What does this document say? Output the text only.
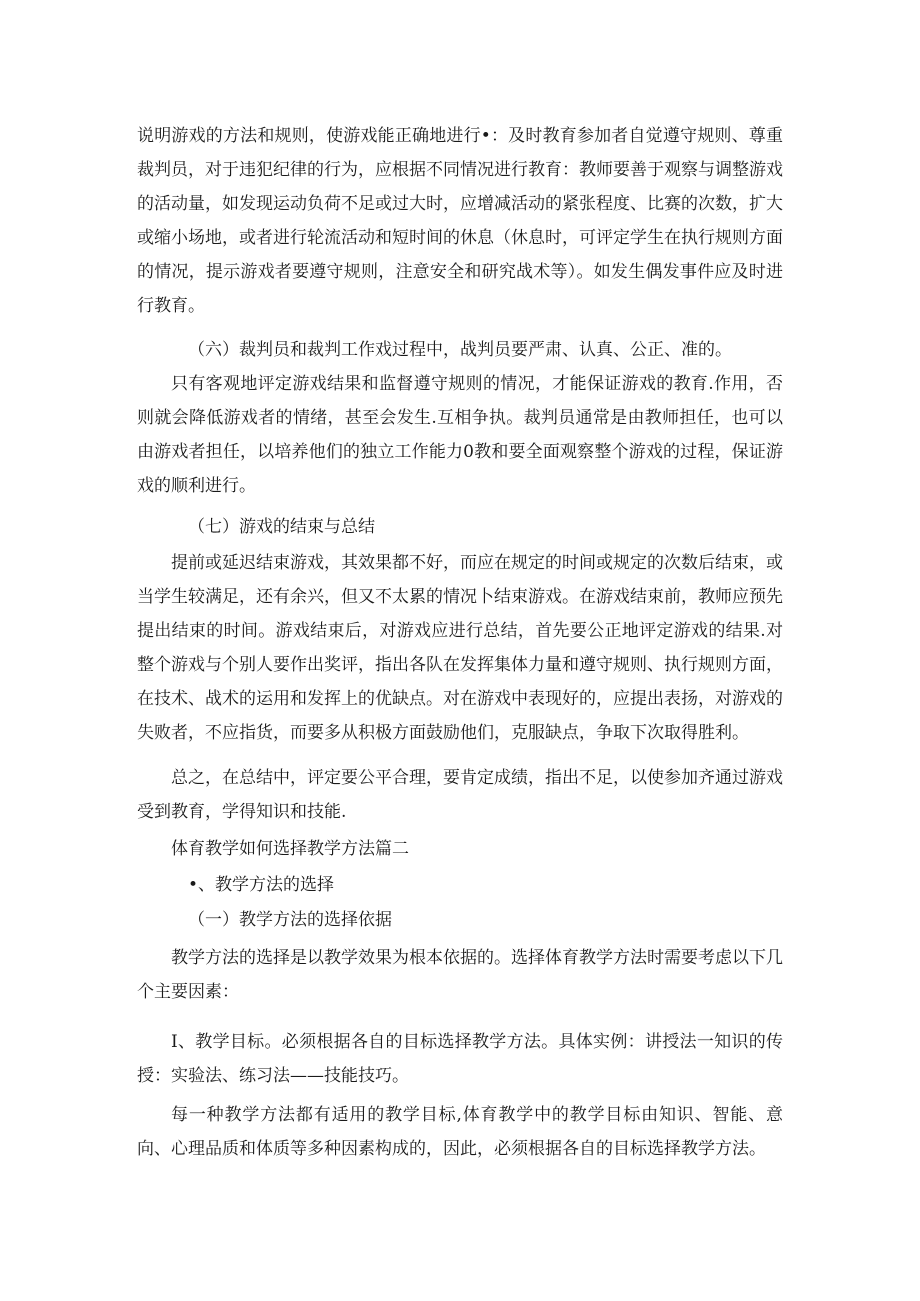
说明游戏的方法和规则，使游戏能正确地进行•：及时教育参加者自觉遵守规则、尊重裁判员，对于违犯纪律的行为，应根据不同情况进行教育：教师要善于观察与调整游戏的活动量，如发现运动负荷不足或过大时，应增减活动的紧张程度、比赛的次数，扩大或缩小场地，或者进行轮流活动和短时间的休息（休息时，可评定学生在执行规则方面的情况，提示游戏者要遵守规则，注意安全和研究战术等）。如发生偶发事件应及时进行教育。

（六）裁判员和裁判工作戏过程中，战判员要严肃、认真、公正、准的。

只有客观地评定游戏结果和监督遵守规则的情况，才能保证游戏的教育.作用，否则就会降低游戏者的情绪，甚至会发生.互相争执。裁判员通常是由教师担任，也可以由游戏者担任，以培养他们的独立工作能力0教和要全面观察整个游戏的过程，保证游戏的顺利进行。

（七）游戏的结束与总结

提前或延迟结束游戏，其效果都不好，而应在规定的时间或规定的次数后结束，或当学生较满足，还有余兴，但又不太累的情况卜结束游戏。在游戏结束前，教师应预先提出结束的时间。游戏结束后，对游戏应进行总结，首先要公正地评定游戏的结果.对整个游戏与个别人要作出奖评，指出各队在发挥集体力量和遵守规则、执行规则方面，在技术、战术的运用和发挥上的优缺点。对在游戏中表现好的，应提出表扬，对游戏的失败者，不应指货，而要多从积极方面鼓励他们，克服缺点，争取下次取得胜利。

总之，在总结中，评定要公平合理，要肯定成绩，指出不足，以使参加齐通过游戏受到教育，学得知识和技能.

体育教学如何选择教学方法篇二

•、教学方法的选择

（一）教学方法的选择依据

教学方法的选择是以教学效果为根本依据的。选择体育教学方法时需要考虑以下几个主要因素：

I、教学目标。必须根据各自的目标选择教学方法。具体实例：讲授法一知识的传授：实验法、练习法——技能技巧。

每一种教学方法都有适用的教学目标,体育教学中的教学目标由知识、智能、意向、心理品质和体质等多种因素构成的，因此，必须根据各自的目标选择教学方法。
